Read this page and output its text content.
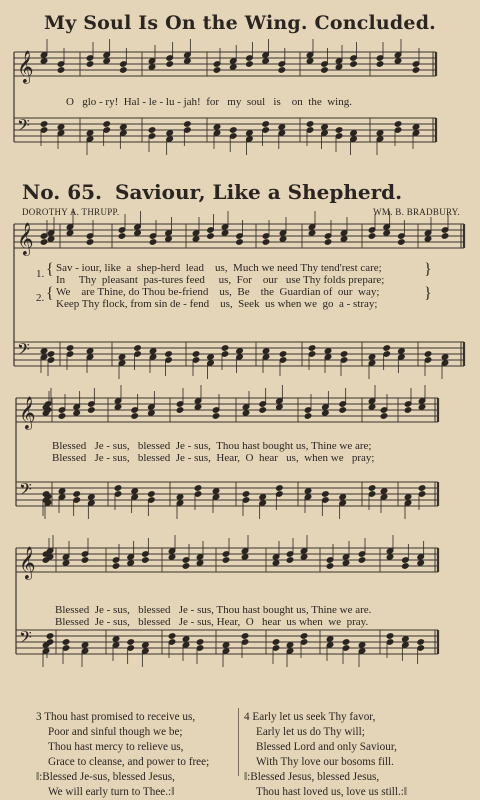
My Soul Is On the Wing. Concluded.
𝄞
𝄢
𝄞
𝄢
𝄞
𝄢
𝄞
𝄢
O   glo - ry!  Hal - le - lu - jah!  for   my  soul   is    on  the  wing.
No. 65. Saviour, Like a Shepherd.
DOROTHY A. THRUPP.	WM. B. BRADBURY.
1.
2.
{
{
}
}
Sav - iour, like  a  shep-herd  lead    us,  Much we need Thy tend'rest care;
In     Thy  pleasant  pas-tures feed     us,  For    our   use Thy folds prepare;
We    are Thine, do Thou be-friend    us,  Be    the  Guardian of  our  way;
Keep Thy flock, from sin de - fend    us,  Seek  us when we  go  a - stray;
Blessed   Je - sus,   blessed  Je - sus,  Thou hast bought us, Thine we are;
Blessed   Je - sus,   blessed  Je - sus,  Hear,  O  hear   us,  when we   pray;
Blessed  Je - sus,   blessed   Je - sus, Thou hast bought us, Thine we are.
Blessed  Je - sus,   blessed   Je - sus, Hear,  O   hear  us when  we  pray.
3 Thou hast promised to receive us,
Poor and sinful though we be;
Thou hast mercy to relieve us,
Grace to cleanse, and power to free;
‖:Blessed Je-sus, blessed Jesus,
We will early turn to Thee.:‖
4 Early let us seek Thy favor,
Early let us do Thy will;
Blessed Lord and only Saviour,
With Thy love our bosoms fill.
‖:Blessed Jesus, blessed Jesus,
Thou hast loved us, love us still.:‖
